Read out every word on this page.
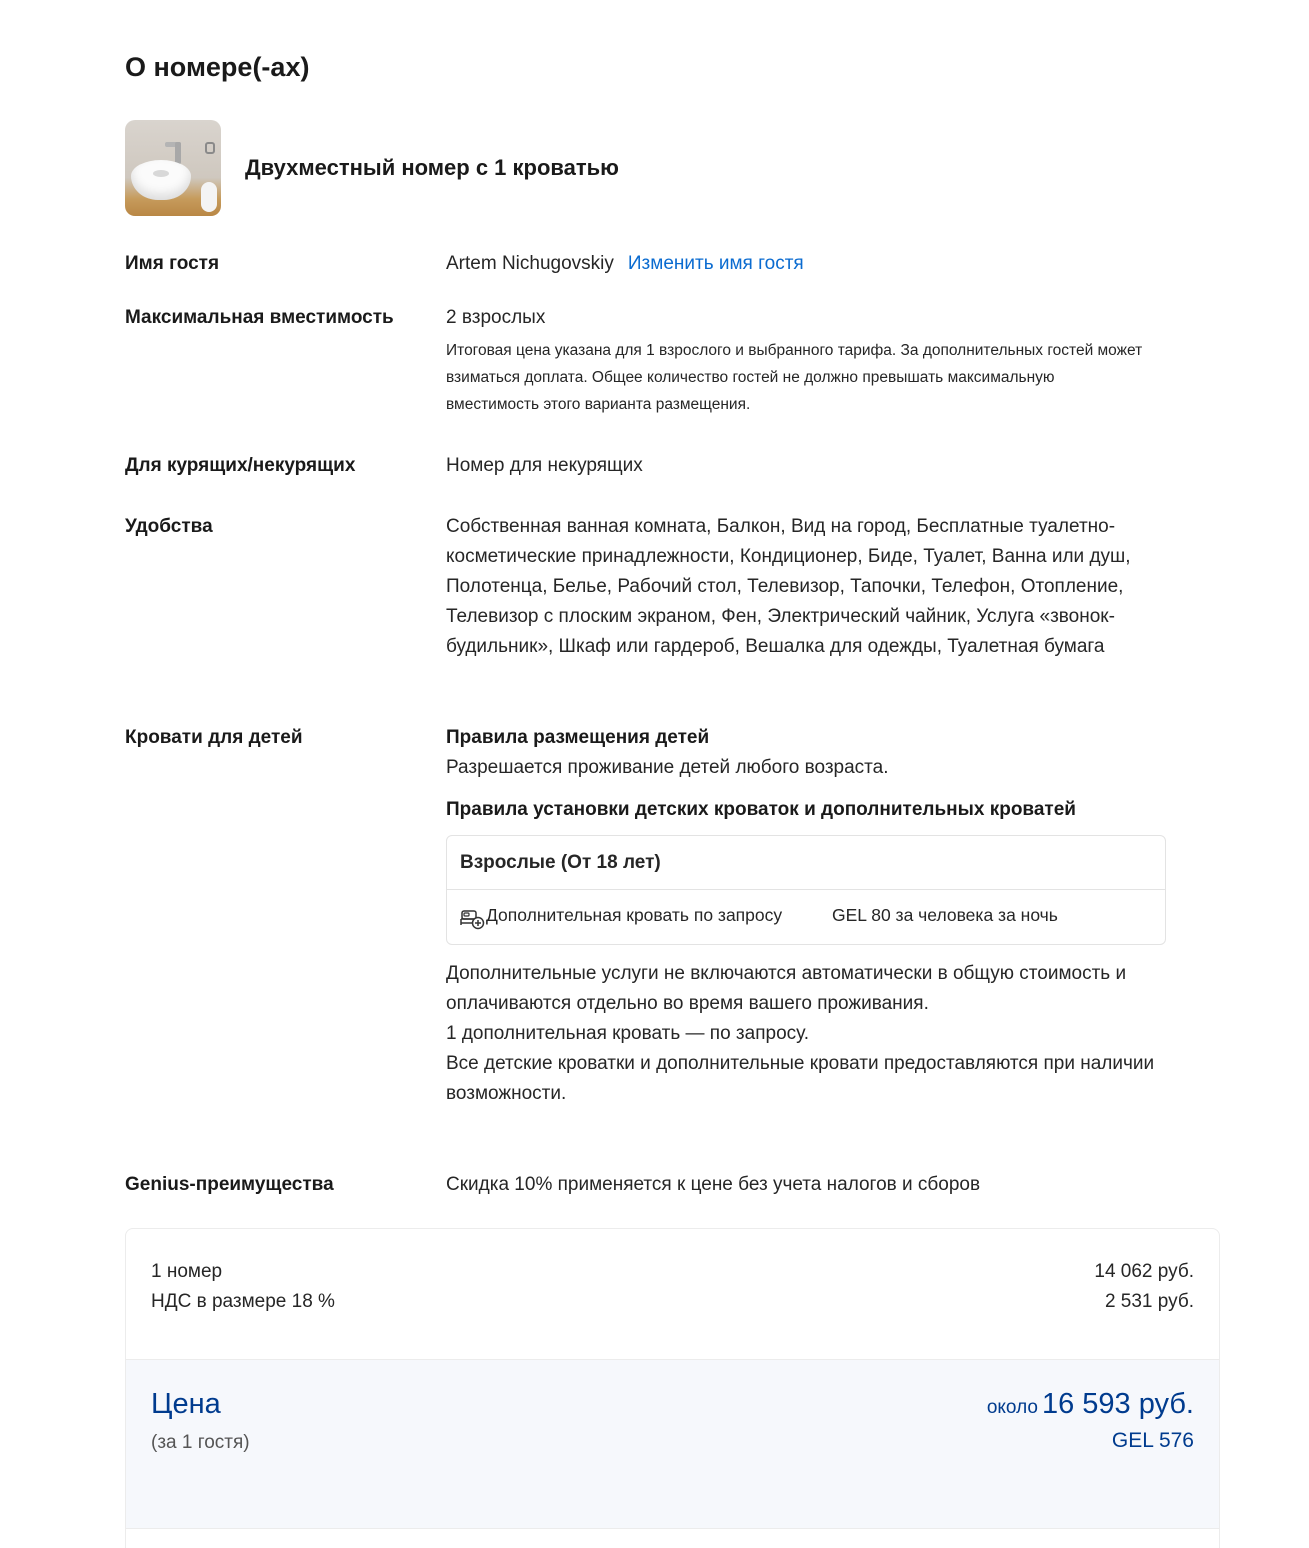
О номере(-ах)
Двухместный номер с 1 кроватью
Имя гостя	Artem Nichugovskiy Изменить имя гостя
Максимальная вместимость	2 взрослых
Итоговая цена указана для 1 взрослого и выбранного тарифа. За дополнительных гостей может взиматься доплата. Общее количество гостей не должно превышать максимальную вместимость этого варианта размещения.
Для курящих/некурящих	Номер для некурящих
Удобства	Собственная ванная комната, Балкон, Вид на город, Бесплатные туалетно-косметические принадлежности, Кондиционер, Биде, Туалет, Ванна или душ, Полотенца, Белье, Рабочий стол, Телевизор, Тапочки, Телефон, Отопление, Телевизор с плоским экраном, Фен, Электрический чайник, Услуга «звонок-будильник», Шкаф или гардероб, Вешалка для одежды, Туалетная бумага
Кровати для детей	Правила размещения детей
Разрешается проживание детей любого возраста.
Правила установки детских кроваток и дополнительных кроватей
Взрослые (От 18 лет)
Дополнительная кровать по запросу	GEL 80 за человека за ночь
Дополнительные услуги не включаются автоматически в общую стоимость и оплачиваются отдельно во время вашего проживания.
1 дополнительная кровать — по запросу.
Все детские кроватки и дополнительные кровати предоставляются при наличии возможности.
Genius-преимущества	Скидка 10% применяется к цене без учета налогов и сборов
1 номер	14 062 руб.
НДС в размере 18 %	2 531 руб.
Цена
(за 1 гостя)
около 16 593 руб.
GEL 576
